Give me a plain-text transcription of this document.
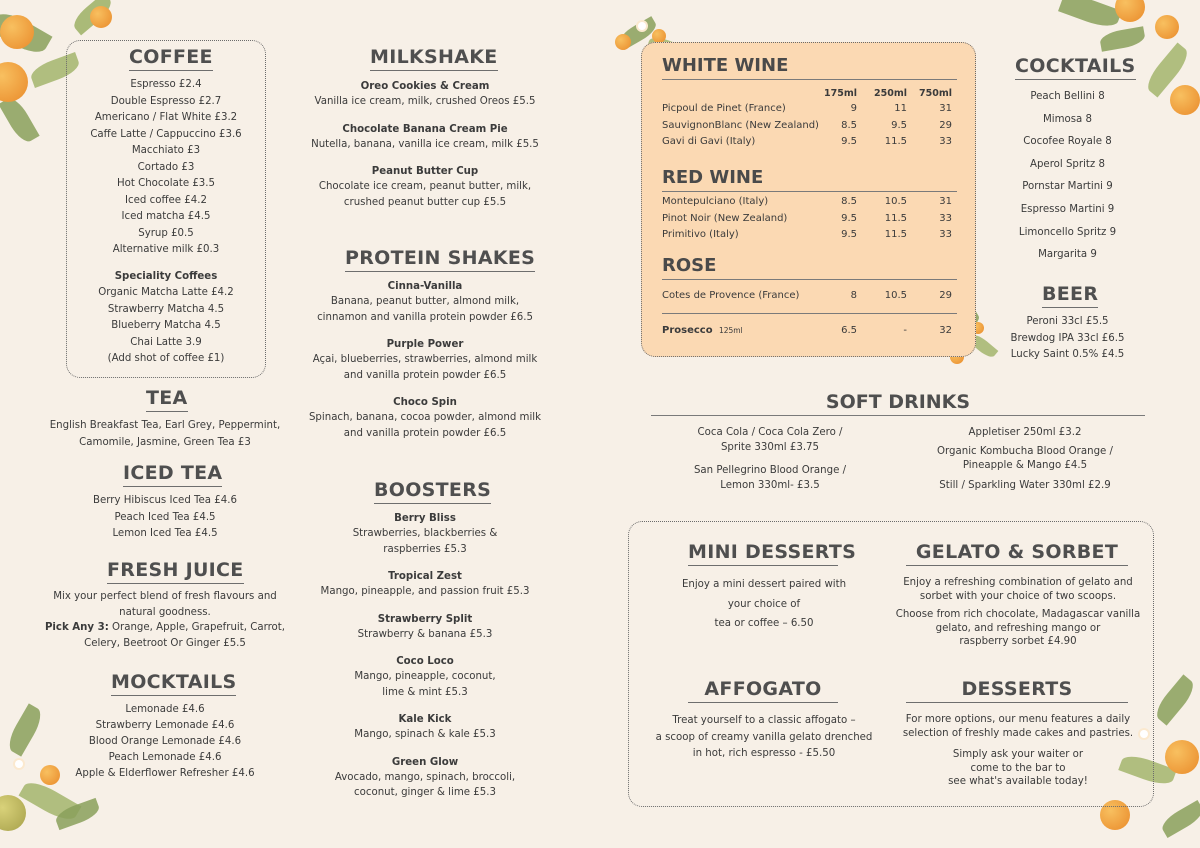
COFFEE
Espresso £2.4
Double Espresso £2.7
Americano / Flat White £3.2
Caffe Latte / Cappuccino £3.6
Macchiato £3
Cortado £3
Hot Chocolate £3.5
Iced coffee £4.2
Iced matcha £4.5
Syrup £0.5
Alternative milk £0.3
Speciality Coffees
Organic Matcha Latte £4.2
Strawberry Matcha 4.5
Blueberry Matcha 4.5
Chai Latte 3.9
(Add shot of coffee £1)
TEA
English Breakfast Tea, Earl Grey, Peppermint,
Camomile, Jasmine, Green Tea £3
ICED TEA
Berry Hibiscus Iced Tea £4.6
Peach Iced Tea £4.5
Lemon Iced Tea £4.5
FRESH JUICE
Mix your perfect blend of fresh flavours and
natural goodness.
Pick Any 3: Orange, Apple, Grapefruit, Carrot,
Celery, Beetroot Or Ginger £5.5
MOCKTAILS
Lemonade £4.6
Strawberry Lemonade £4.6
Blood Orange Lemonade £4.6
Peach Lemonade £4.6
Apple & Elderflower Refresher £4.6
MILKSHAKE
Oreo Cookies & Cream
Vanilla ice cream, milk, crushed Oreos £5.5
Chocolate Banana Cream Pie
Nutella, banana, vanilla ice cream, milk £5.5
Peanut Butter Cup
Chocolate ice cream, peanut butter, milk,
crushed peanut butter cup £5.5
PROTEIN SHAKES
Cinna-Vanilla
Banana, peanut butter, almond milk,
cinnamon and vanilla protein powder £6.5
Purple Power
Açai, blueberries, strawberries, almond milk
and vanilla protein powder £6.5
Choco Spin
Spinach, banana, cocoa powder, almond milk
and vanilla protein powder £6.5
BOOSTERS
Berry Bliss
Strawberries, blackberries &
raspberries £5.3
Tropical Zest
Mango, pineapple, and passion fruit £5.3
Strawberry Split
Strawberry & banana £5.3
Coco Loco
Mango, pineapple, coconut,
lime & mint £5.3
Kale Kick
Mango, spinach & kale £5.3
Green Glow
Avocado, mango, spinach, broccoli,
coconut, ginger & lime £5.3
WHITE WINE
175ml	250ml	750ml
Picpoul de Pinet (France)	9	11	31
SauvignonBlanc (New Zealand)	8.5	9.5	29
Gavi di Gavi (Italy)	9.5	11.5	33
RED WINE
Montepulciano (Italy)	8.5	10.5	31
Pinot Noir (New Zealand)	9.5	11.5	33
Primitivo (Italy)	9.5	11.5	33
ROSE
Cotes de Provence (France)	8	10.5	29
Prosecco 125ml	6.5	-	32
COCKTAILS
Peach Bellini 8
Mimosa 8
Cocofee Royale 8
Aperol Spritz 8
Pornstar Martini 9
Espresso Martini 9
Limoncello Spritz 9
Margarita 9
BEER
Peroni 33cl £5.5
Brewdog IPA 33cl £6.5
Lucky Saint 0.5% £4.5
SOFT DRINKS
Coca Cola / Coca Cola Zero /
Sprite 330ml £3.75
San Pellegrino Blood Orange /
Lemon 330ml- £3.5
Appletiser 250ml £3.2
Organic Kombucha Blood Orange /
Pineapple & Mango £4.5
Still / Sparkling Water 330ml £2.9
MINI DESSERTS
Enjoy a mini dessert paired with
your choice of
tea or coffee – 6.50
GELATO & SORBET
Enjoy a refreshing combination of gelato and
sorbet with your choice of two scoops.
Choose from rich chocolate, Madagascar vanilla
gelato, and refreshing mango or
raspberry sorbet £4.90
AFFOGATO
Treat yourself to a classic affogato –
a scoop of creamy vanilla gelato drenched
in hot, rich espresso - £5.50
DESSERTS
For more options, our menu features a daily
selection of freshly made cakes and pastries.
Simply ask your waiter or
come to the bar to
see what's available today!
